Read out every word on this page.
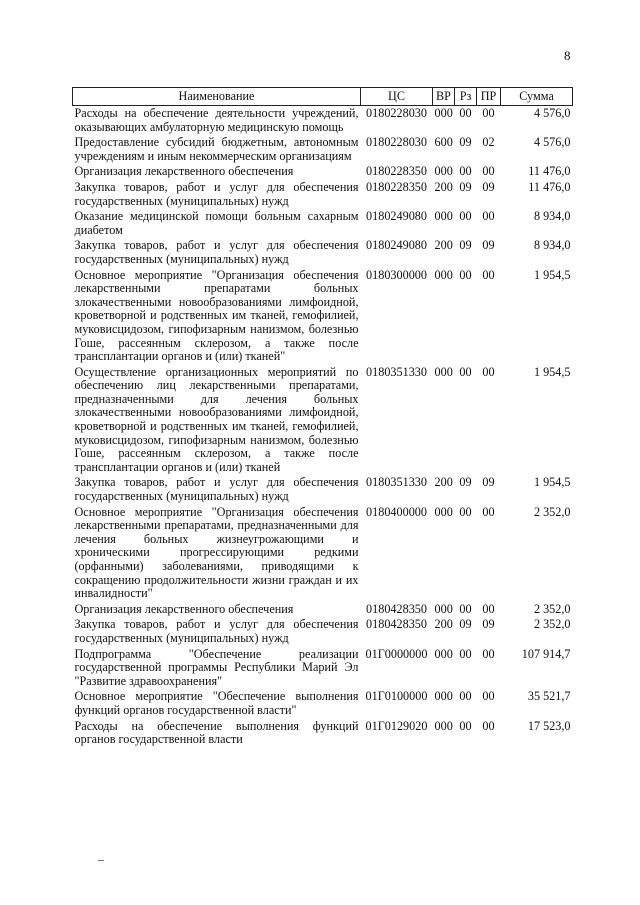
8
Наименование	ЦС	ВР	Рз	ПР	Сумма
Расходы на обеспечение деятельности учреждений, оказывающих амбулаторную медицинскую помощь	0180228030	000	00	00	4 576,0
Предоставление субсидий бюджетным, автономным учреждениям и иным некоммерческим организациям	0180228030	600	09	02	4 576,0
Организация лекарственного обеспечения	0180228350	000	00	00	11 476,0
Закупка товаров, работ и услуг для обеспечения государственных (муниципальных) нужд	0180228350	200	09	09	11 476,0
Оказание медицинской помощи больным сахарным диабетом	0180249080	000	00	00	8 934,0
Закупка товаров, работ и услуг для обеспечения государственных (муниципальных) нужд	0180249080	200	09	09	8 934,0
Основное мероприятие "Организация обеспечения лекарственными препаратами больных злокачественными новообразованиями лимфоидной, кроветворной и родственных им тканей, гемофилией, муковисцидозом, гипофизарным нанизмом, болезнью Гоше, рассеянным склерозом, а также после трансплантации органов и (или) тканей"	0180300000	000	00	00	1 954,5
Осуществление организационных мероприятий по обеспечению лиц лекарственными препаратами, предназначенными для лечения больных злокачественными новообразованиями лимфоидной, кроветворной и родственных им тканей, гемофилией, муковисцидозом, гипофизарным нанизмом, болезнью Гоше, рассеянным склерозом, а также после трансплантации органов и (или) тканей	0180351330	000	00	00	1 954,5
Закупка товаров, работ и услуг для обеспечения государственных (муниципальных) нужд	0180351330	200	09	09	1 954,5
Основное мероприятие "Организация обеспечения лекарственными препаратами, предназначенными для лечения больных жизнеугрожающими и хроническими прогрессирующими редкими (орфанными) заболеваниями, приводящими к сокращению продолжительности жизни граждан и их инвалидности"	0180400000	000	00	00	2 352,0
Организация лекарственного обеспечения	0180428350	000	00	00	2 352,0
Закупка товаров, работ и услуг для обеспечения государственных (муниципальных) нужд	0180428350	200	09	09	2 352,0
Подпрограмма "Обеспечение реализации государственной программы Республики Марий Эл "Развитие здравоохранения"	01Г0000000	000	00	00	107 914,7
Основное мероприятие "Обеспечение выполнения функций органов государственной власти"	01Г0100000	000	00	00	35 521,7
Расходы на обеспечение выполнения функций органов государственной власти	01Г0129020	000	00	00	17 523,0
